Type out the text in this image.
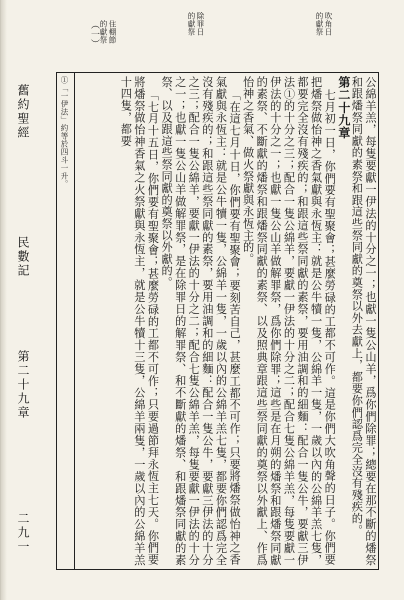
住棚節
的獻祭
（一）	除罪日
的獻祭	吹角日
的獻祭
舊約聖經
民數記
第二十九章
二九一
①「一伊法」約等於四斗一升。	公綿羊羔，每隻要獻一伊法的十分之一；也獻一隻公山羊，爲你們除罪；總要在那不斷的燔祭和跟燔祭同獻的素祭和跟這些祭同獻的奠祭以外去獻上，都要你們認爲完全沒有殘疾的。

第二十九章

七月初一日，你們要有聖聚會；甚麼勞碌的工都不可作。這是你們大吹角聲的日子。你們要把燔祭做怡神之香氣獻與永恆主：就是公牛犢一隻，公綿羊一隻，一歲以內的公綿羊羔七隻，都要完全沒有殘疾的；和跟這些祭同獻的素祭，要用油調和的細麵：配合一隻公牛，要獻三伊法①的十分之三；配合一隻公綿羊，要獻一伊法的十分之二；配合七隻公綿羊羔，每隻要獻一伊法的十分之一；也獻一隻公山羊做解罪祭，爲你們除罪；這些是在月朔的燔祭和跟燔祭同獻的素祭、不斷獻的燔祭和跟燔祭同獻的素祭、以及照典章跟這些祭同獻的奠祭以外獻上、作爲怡神之香氣、做火祭獻與永恆主的。

「在這七月十日，你們要有聖聚會；要刻苦自己，甚麼工都不可作；只要將燔祭做怡神之香氣獻與永恆主：就是公牛犢一隻，公綿羊一隻，一歲以內的公綿羊羔七隻，都要你們認爲完全沒有殘疾的；和跟這些祭同獻的素祭，要用油調和的細麵：配合一隻公牛，要獻三伊法的十分之三；配合一隻公綿羊，要獻一伊法的十分之二；配合七隻公綿羊羔，每隻要獻一伊法的十分之一；也獻一隻公山羊做解罪祭，是在除罪日的解罪祭、和不斷獻的燔祭、和跟燔祭同獻的素祭、以及跟這些祭同獻的奠祭以外獻的。

「七月十五日，你們要有聖聚會；甚麼勞碌的工都不可作；只要過節拜永恆主七天。你們要將燔祭做怡神香氣之火祭獻與永恆主，就是公牛犢十三隻，公綿羊兩隻，一歲以內的公綿羊羔十四隻，都要
